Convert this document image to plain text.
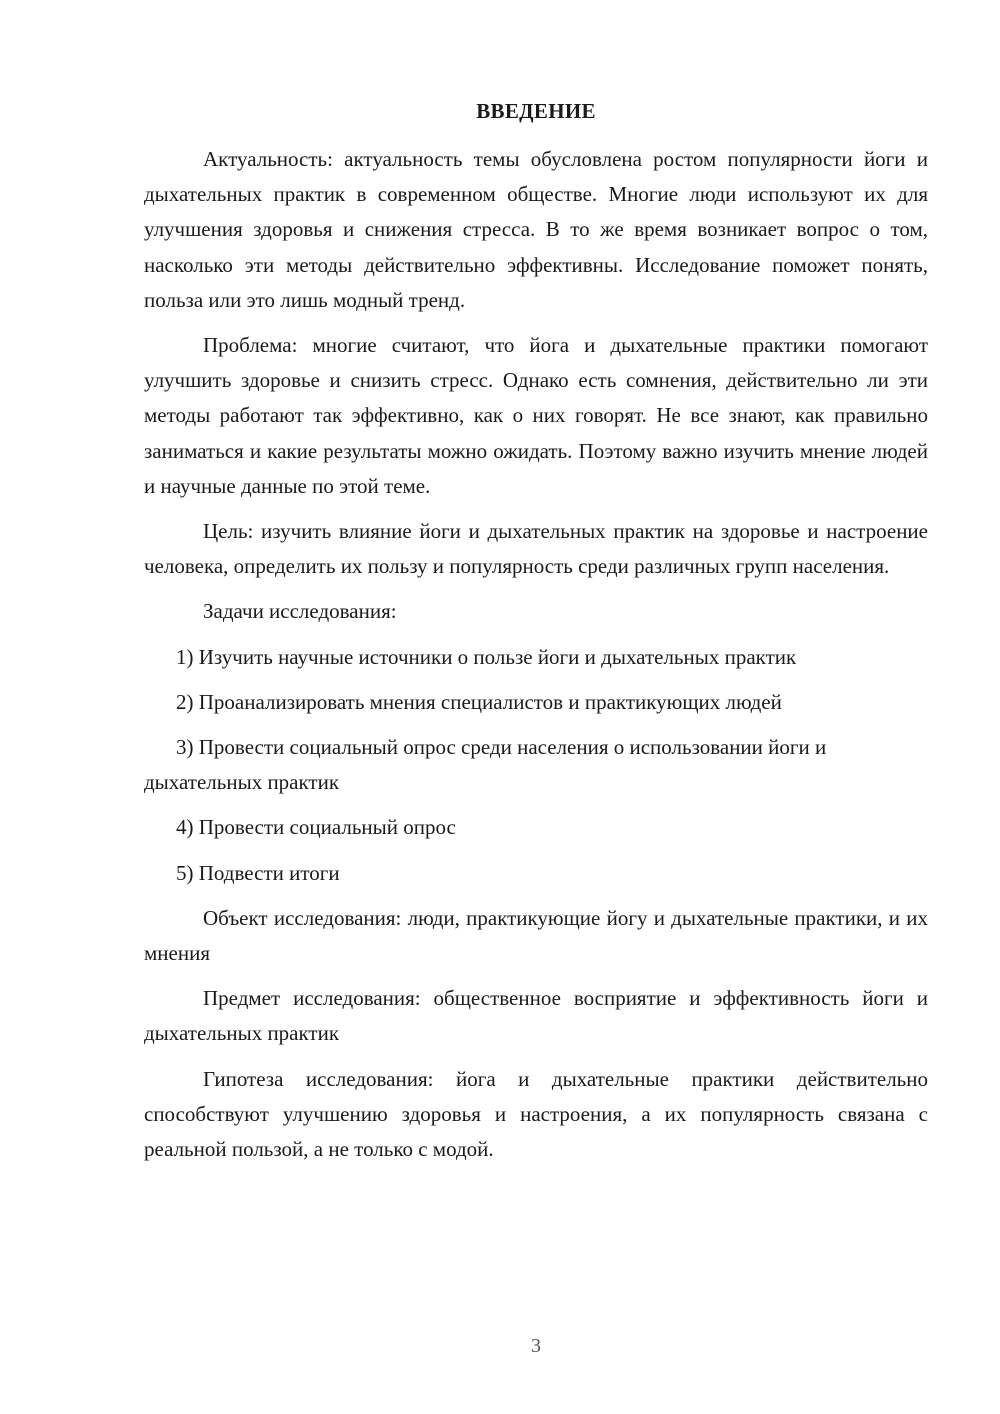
ВВЕДЕНИЕ

Актуальность: актуальность темы обусловлена ростом популярности йоги и дыхательных практик в современном обществе. Многие люди используют их для улучшения здоровья и снижения стресса. В то же время возникает вопрос о том, насколько эти методы действительно эффективны. Исследование поможет понять, польза или это лишь модный тренд.

Проблема: многие считают, что йога и дыхательные практики помогают улучшить здоровье и снизить стресс. Однако есть сомнения, действительно ли эти методы работают так эффективно, как о них говорят. Не все знают, как правильно заниматься и какие результаты можно ожидать. Поэтому важно изучить мнение людей и научные данные по этой теме.

Цель: изучить влияние йоги и дыхательных практик на здоровье и настроение человека, определить их пользу и популярность среди различных групп населения.

Задачи исследования:

1) Изучить научные источники о пользе йоги и дыхательных практик

2) Проанализировать мнения специалистов и практикующих людей

3) Провести социальный опрос среди населения о использовании йоги и дыхательных практик

4) Провести социальный опрос

5) Подвести итоги

Объект исследования: люди, практикующие йогу и дыхательные практики, и их мнения

Предмет исследования: общественное восприятие и эффективность йоги и дыхательных практик

Гипотеза исследования: йога и дыхательные практики действительно способствуют улучшению здоровья и настроения, а их популярность связана с реальной пользой, а не только с модой.

3
